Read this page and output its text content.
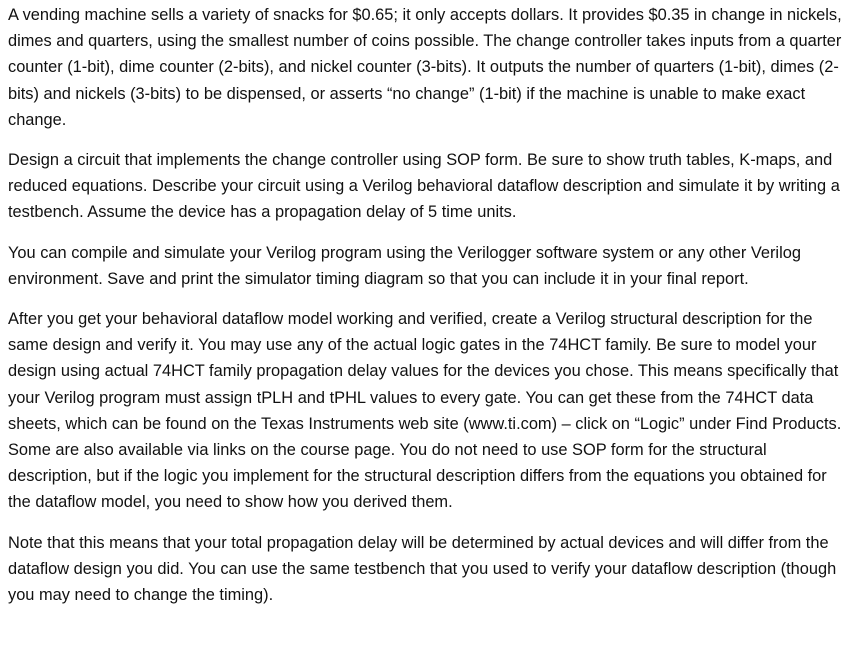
A vending machine sells a variety of snacks for $0.65; it only accepts dollars. It provides $0.35 in change in nickels, dimes and quarters, using the smallest number of coins possible. The change controller takes inputs from a quarter counter (1-bit), dime counter (2-bits), and nickel counter (3-bits). It outputs the number of quarters (1-bit), dimes (2-bits) and nickels (3-bits) to be dispensed, or asserts “no change” (1-bit) if the machine is unable to make exact change.

Design a circuit that implements the change controller using SOP form. Be sure to show truth tables, K-maps, and reduced equations. Describe your circuit using a Verilog behavioral dataflow description and simulate it by writing a testbench. Assume the device has a propagation delay of 5 time units.

You can compile and simulate your Verilog program using the Verilogger software system or any other Verilog environment. Save and print the simulator timing diagram so that you can include it in your final report.

After you get your behavioral dataflow model working and verified, create a Verilog structural description for the same design and verify it. You may use any of the actual logic gates in the 74HCT family. Be sure to model your design using actual 74HCT family propagation delay values for the devices you chose. This means specifically that your Verilog program must assign tPLH and tPHL values to every gate. You can get these from the 74HCT data sheets, which can be found on the Texas Instruments web site (www.ti.com) – click on “Logic” under Find Products. Some are also available via links on the course page. You do not need to use SOP form for the structural description, but if the logic you implement for the structural description differs from the equations you obtained for the dataflow model, you need to show how you derived them.

Note that this means that your total propagation delay will be determined by actual devices and will differ from the dataflow design you did. You can use the same testbench that you used to verify your dataflow description (though you may need to change the timing).
